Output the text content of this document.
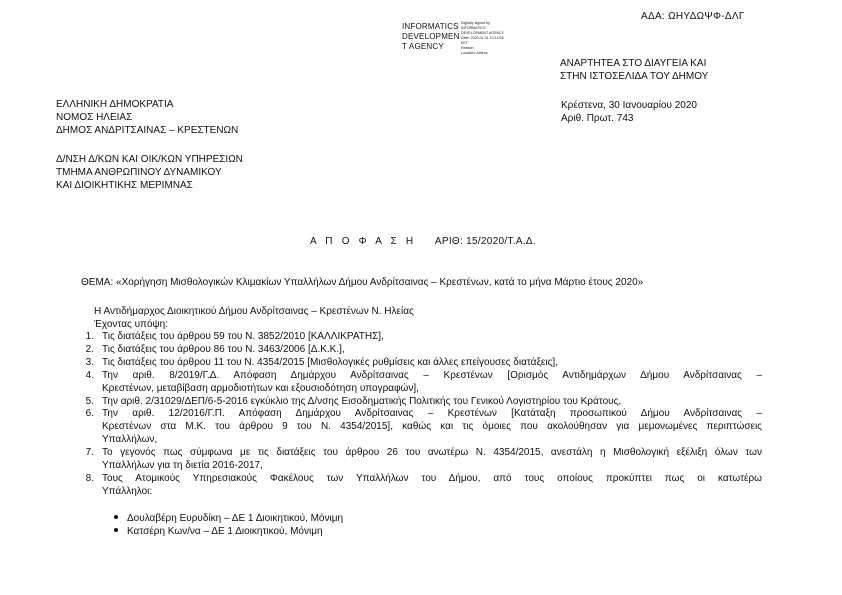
ΑΔΑ: ΩΗΥΔΩΨΦ-ΔΛΓ
INFORMATICS
DEVELOPMEN
T AGENCY
Digitally signed by
INFORMATICS
DEVELOPMENT AGENCY
Date: 2020.01.31 13:14:59
EET
Reason:
Location: Athens
ΑΝΑΡΤΗΤΕΑ ΣΤΟ ΔΙΑΥΓΕΙΑ ΚΑΙ
ΣΤΗΝ ΙΣΤΟΣΕΛΙΔΑ ΤΟΥ ΔΗΜΟΥ
ΕΛΛΗΝΙΚΗ ΔΗΜΟΚΡΑΤΙΑ
ΝΟΜΟΣ ΗΛΕΙΑΣ
ΔΗΜΟΣ ΑΝΔΡΙΤΣΑΙΝΑΣ – ΚΡΕΣΤΕΝΩΝ
Κρέστενα, 30 Ιανουαρίου 2020
Αριθ. Πρωτ. 743
Δ/ΝΣΗ Δ/ΚΩΝ ΚΑΙ ΟΙΚ/ΚΩΝ ΥΠΗΡΕΣΙΩΝ
ΤΜΗΜΑ ΑΝΘΡΩΠΙΝΟΥ ΔΥΝΑΜΙΚΟΥ
ΚΑΙ ΔΙΟΙΚΗΤΙΚΗΣ ΜΕΡΙΜΝΑΣ
Α Π Ο Φ Α Σ Η ΑΡΙΘ: 15/2020/Τ.Α.Δ.
ΘΕΜΑ: «Χορήγηση Μισθολογικών Κλιμακίων Υπαλλήλων Δήμου Ανδρίτσαινας – Κρεστένων, κατά το μήνα Μάρτιο έτους 2020»
Η Αντιδήμαρχος Διοικητικού Δήμου Ανδρίτσαινας – Κρεστένων Ν. Ηλείας
Έχοντας υπόψη:
1. Τις διατάξεις του άρθρου 59 του Ν. 3852/2010 [ΚΑΛΛΙΚΡΑΤΗΣ],
2. Τις διατάξεις του άρθρου 86 του Ν. 3463/2006 [Δ.Κ.Κ.],
3. Τις διατάξεις του άρθρου 11 του Ν. 4354/2015 [Μισθολογικές ρυθμίσεις και άλλες επείγουσες διατάξεις],
4. Την αριθ. 8/2019/Γ.Δ. Απόφαση Δημάρχου Ανδρίτσαινας – Κρεστένων [Ορισμός Αντιδημάρχων Δήμου Ανδρίτσαινας –
Κρεστένων, μεταβίβαση αρμοδιοτήτων και εξουσιοδότηση υπογραφών],
5. Την αριθ. 2/31029/ΔΕΠ/6-5-2016 εγκύκλιο της Δ/νσης Εισοδηματικής Πολιτικής του Γενικού Λογιστηρίου του Κράτους,
6. Την αριθ. 12/2016/Γ.Π. Απόφαση Δημάρχου Ανδρίτσαινας – Κρεστένων [Κατάταξη προσωπικού Δήμου Ανδρίτσαινας –
Κρεστένων στα Μ.Κ. του άρθρου 9 του Ν. 4354/2015], καθώς και τις όμοιες που ακολούθησαν για μεμονωμένες περιπτώσεις
Υπαλλήλων,
7. Το γεγονός πως σύμφωνα με τις διατάξεις του άρθρου 26 του ανωτέρω Ν. 4354/2015, ανεστάλη η Μισθολογική εξέλιξη όλων των
Υπαλλήλων για τη διετία 2016-2017,
8. Τους Ατομικούς Υπηρεσιακούς Φακέλους των Υπαλλήλων του Δήμου, από τους οποίους προκύπτει πως οι κατωτέρω
Υπάλληλοι:
Δουλαβέρη Ευρυδίκη – ΔΕ 1 Διοικητικού, Μόνιμη
Κατσέρη Κων/να – ΔΕ 1 Διοικητικού, Μόνιμη
